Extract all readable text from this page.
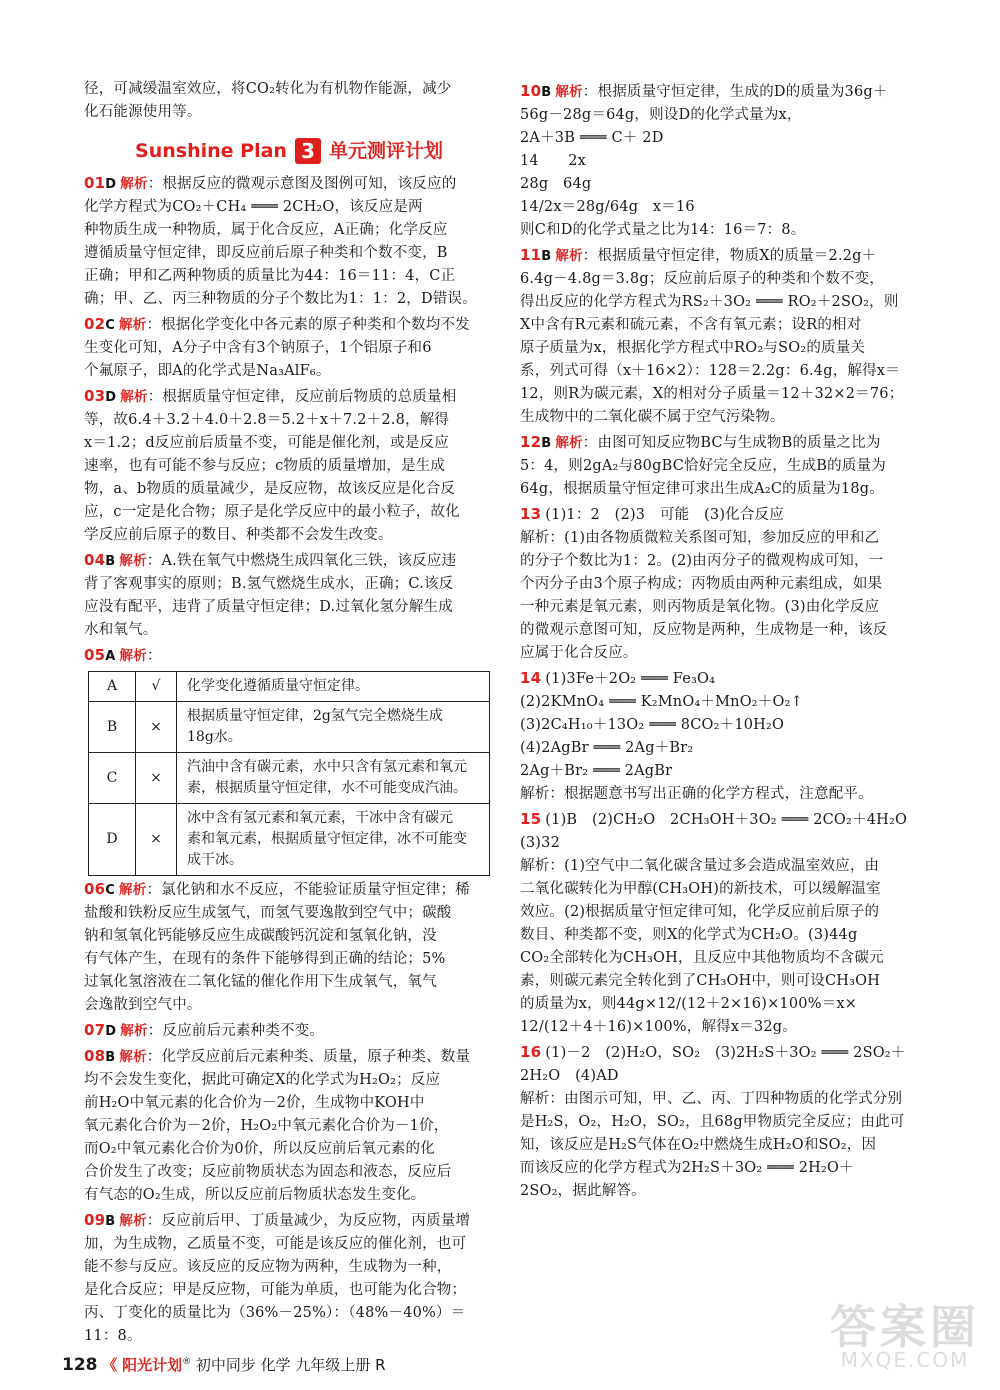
径，可减缓温室效应，将CO₂转化为有机物作能源，减少
化石能源使用等。
Sunshine Plan 3 单元测评计划
01D 解析：根据反应的微观示意图及图例可知，该反应的
化学方程式为CO₂＋CH₄ ═══ 2CH₂O，该反应是两
种物质生成一种物质，属于化合反应，A正确；化学反应
遵循质量守恒定律，即反应前后原子种类和个数不变，B
正确；甲和乙两种物质的质量比为44：16＝11：4，C正
确；甲、乙、丙三种物质的分子个数比为1：1：2，D错误。
02C 解析：根据化学变化中各元素的原子种类和个数均不发
生变化可知，A分子中含有3个钠原子，1个铝原子和6
个氟原子，即A的化学式是Na₃AlF₆。
03D 解析：根据质量守恒定律，反应前后物质的总质量相
等，故6.4＋3.2＋4.0＋2.8＝5.2＋x＋7.2＋2.8，解得
x＝1.2；d反应前后质量不变，可能是催化剂，或是反应
速率，也有可能不参与反应；c物质的质量增加，是生成
物，a、b物质的质量减少，是反应物，故该反应是化合反
应，c一定是化合物；原子是化学反应中的最小粒子，故化
学反应前后原子的数目、种类都不会发生改变。
04B 解析：A.铁在氧气中燃烧生成四氧化三铁，该反应违
背了客观事实的原则；B.氢气燃烧生成水，正确；C.该反
应没有配平，违背了质量守恒定律；D.过氧化氢分解生成
水和氧气。
05A 解析：
A	√	化学变化遵循质量守恒定律。

B	×	根据质量守恒定律，2g氢气完全燃烧生成
18g水。

C	×	汽油中含有碳元素，水中只含有氢元素和氧元
素，根据质量守恒定律，水不可能变成汽油。

D	×	冰中含有氢元素和氧元素，干冰中含有碳元
素和氧元素，根据质量守恒定律，冰不可能变
成干冰。
06C 解析：氯化钠和水不反应，不能验证质量守恒定律；稀
盐酸和铁粉反应生成氢气，而氢气要逸散到空气中；碳酸
钠和氢氧化钙能够反应生成碳酸钙沉淀和氢氧化钠，没
有气体产生，在现有的条件下能够得到正确的结论；5%
过氧化氢溶液在二氧化锰的催化作用下生成氧气，氧气
会逸散到空气中。
07D 解析：反应前后元素种类不变。
08B 解析：化学反应前后元素种类、质量，原子种类、数量
均不会发生变化，据此可确定X的化学式为H₂O₂；反应
前H₂O中氧元素的化合价为－2价，生成物中KOH中
氧元素化合价为－2价，H₂O₂中氧元素化合价为－1价，
而O₂中氧元素化合价为0价，所以反应前后氧元素的化
合价发生了改变；反应前物质状态为固态和液态，反应后
有气态的O₂生成，所以反应前后物质状态发生变化。
09B 解析：反应前后甲、丁质量减少，为反应物，丙质量增
加，为生成物，乙质量不变，可能是该反应的催化剂，也可
能不参与反应。该反应的反应物为两种，生成物为一种，
是化合反应；甲是反应物，可能为单质，也可能为化合物；
丙、丁变化的质量比为（36%－25%）：（48%－40%）＝
11：8。
10B 解析：根据质量守恒定律，生成的D的质量为36g＋
56g－28g＝64g，则设D的化学式量为x，
2A＋3B ═══ C＋ 2D
14　　2x
28g　64g
14/2x＝28g/64g　x＝16
则C和D的化学式量之比为14：16＝7：8。
11B 解析：根据质量守恒定律，物质X的质量＝2.2g＋
6.4g－4.8g＝3.8g；反应前后原子的种类和个数不变，
得出反应的化学方程式为RS₂＋3O₂ ═══ RO₂＋2SO₂，则
X中含有R元素和硫元素，不含有氧元素；设R的相对
原子质量为x，根据化学方程式中RO₂与SO₂的质量关
系，列式可得（x＋16×2）：128＝2.2g：6.4g，解得x＝
12，则R为碳元素，X的相对分子质量＝12＋32×2＝76；
生成物中的二氧化碳不属于空气污染物。
12B 解析：由图可知反应物BC与生成物B的质量之比为
5：4，则2gA₂与80gBC恰好完全反应，生成B的质量为
64g，根据质量守恒定律可求出生成A₂C的质量为18g。
13 (1)1：2　(2)3　可能　(3)化合反应
解析：(1)由各物质微粒关系图可知，参加反应的甲和乙
的分子个数比为1：2。(2)由丙分子的微观构成可知，一
个丙分子由3个原子构成；丙物质由两种元素组成，如果
一种元素是氧元素，则丙物质是氧化物。(3)由化学反应
的微观示意图可知，反应物是两种，生成物是一种，该反
应属于化合反应。
14 (1)3Fe＋2O₂ ═══ Fe₃O₄
(2)2KMnO₄ ═══ K₂MnO₄＋MnO₂＋O₂↑
(3)2C₄H₁₀＋13O₂ ═══ 8CO₂＋10H₂O
(4)2AgBr ═══ 2Ag＋Br₂
2Ag＋Br₂ ═══ 2AgBr
解析：根据题意书写出正确的化学方程式，注意配平。
15 (1)B　(2)CH₂O　2CH₃OH＋3O₂ ═══ 2CO₂＋4H₂O
(3)32
解析：(1)空气中二氧化碳含量过多会造成温室效应，由
二氧化碳转化为甲醇(CH₃OH)的新技术，可以缓解温室
效应。(2)根据质量守恒定律可知，化学反应前后原子的
数目、种类都不变，则X的化学式为CH₂O。(3)44g
CO₂全部转化为CH₃OH，且反应中其他物质均不含碳元
素，则碳元素完全转化到了CH₃OH中，则可设CH₃OH
的质量为x，则44g×12/(12＋2×16)×100%＝x×
12/(12＋4＋16)×100%，解得x＝32g。
16 (1)－2　(2)H₂O，SO₂　(3)2H₂S＋3O₂ ═══ 2SO₂＋
2H₂O　(4)AD
解析：由图示可知，甲、乙、丙、丁四种物质的化学式分别
是H₂S，O₂，H₂O，SO₂，且68g甲物质完全反应；由此可
知，该反应是H₂S气体在O₂中燃烧生成H₂O和SO₂，因
而该反应的化学方程式为2H₂S＋3O₂ ═══ 2H₂O＋
2SO₂，据此解答。
128 《 阳光计划® 初中同步 化学 九年级上册 R
答案圈
MXQE.COM
